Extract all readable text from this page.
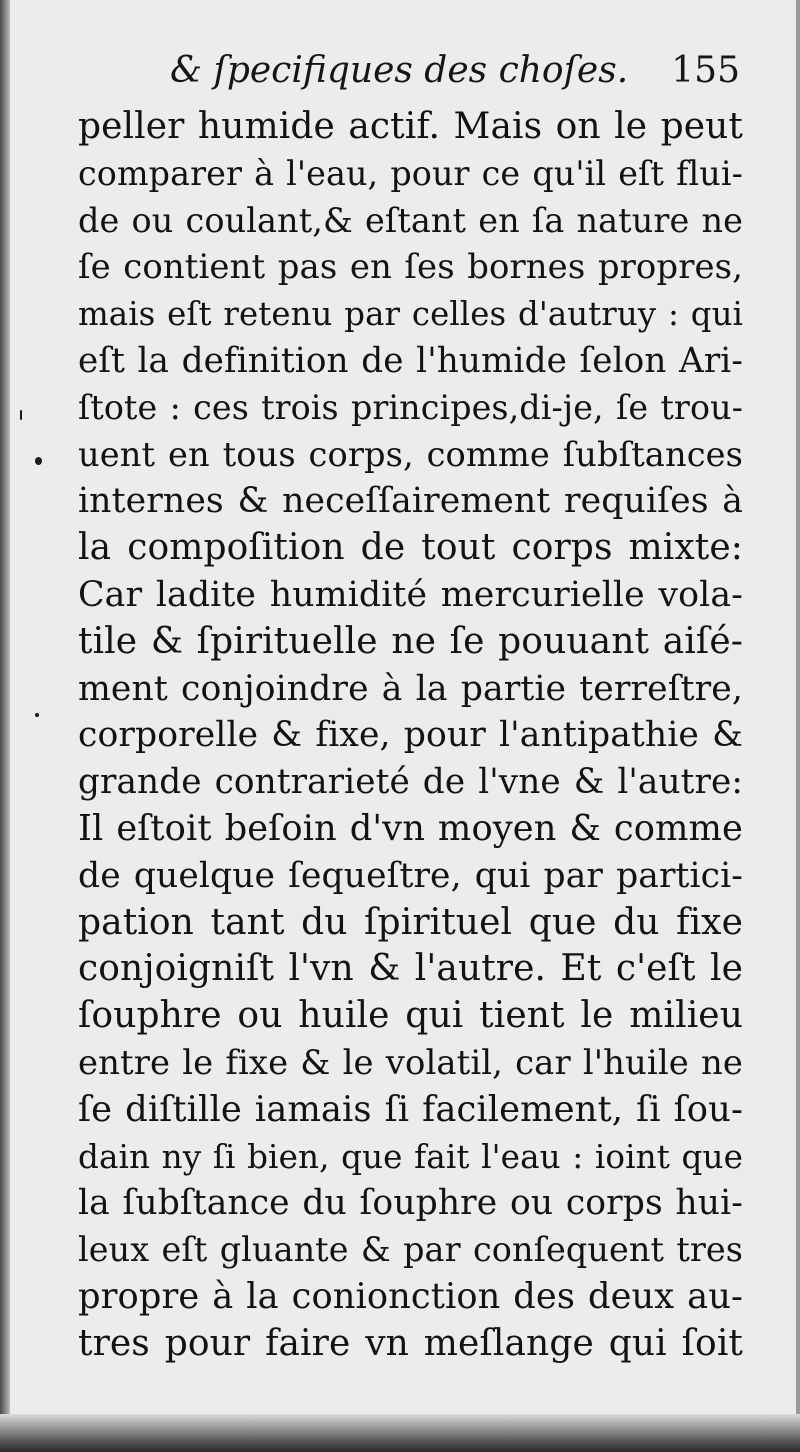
& ſpecifiques des choſes. 155
peller humide actif. Mais on le peut
comparer à l'eau, pour ce qu'il eſt flui-
de ou coulant,& eſtant en ſa nature ne
ſe contient pas en ſes bornes propres,
mais eſt retenu par celles d'autruy : qui
eſt la definition de l'humide ſelon Ari-
ſtote : ces trois principes,di-je, ſe trou-
uent en tous corps, comme ſubſtances
internes & neceſſairement requiſes à
la compoſition de tout corps mixte:
Car ladite humidité mercurielle vola-
tile & ſpirituelle ne ſe pouuant aiſé-
ment conjoindre à la partie terreſtre,
corporelle & fixe, pour l'antipathie &
grande contrarieté de l'vne & l'autre:
Il eſtoit beſoin d'vn moyen & comme
de quelque ſequeſtre, qui par partici-
pation tant du ſpirituel que du fixe
conjoigniſt l'vn & l'autre. Et c'eſt le
ſouphre ou huile qui tient le milieu
entre le fixe & le volatil, car l'huile ne
ſe diſtille iamais ſi facilement, ſi ſou-
dain ny ſi bien, que fait l'eau : ioint que
la ſubſtance du ſouphre ou corps hui-
leux eſt gluante & par conſequent tres
propre à la conionction des deux au-
tres pour faire vn meſlange qui ſoit
